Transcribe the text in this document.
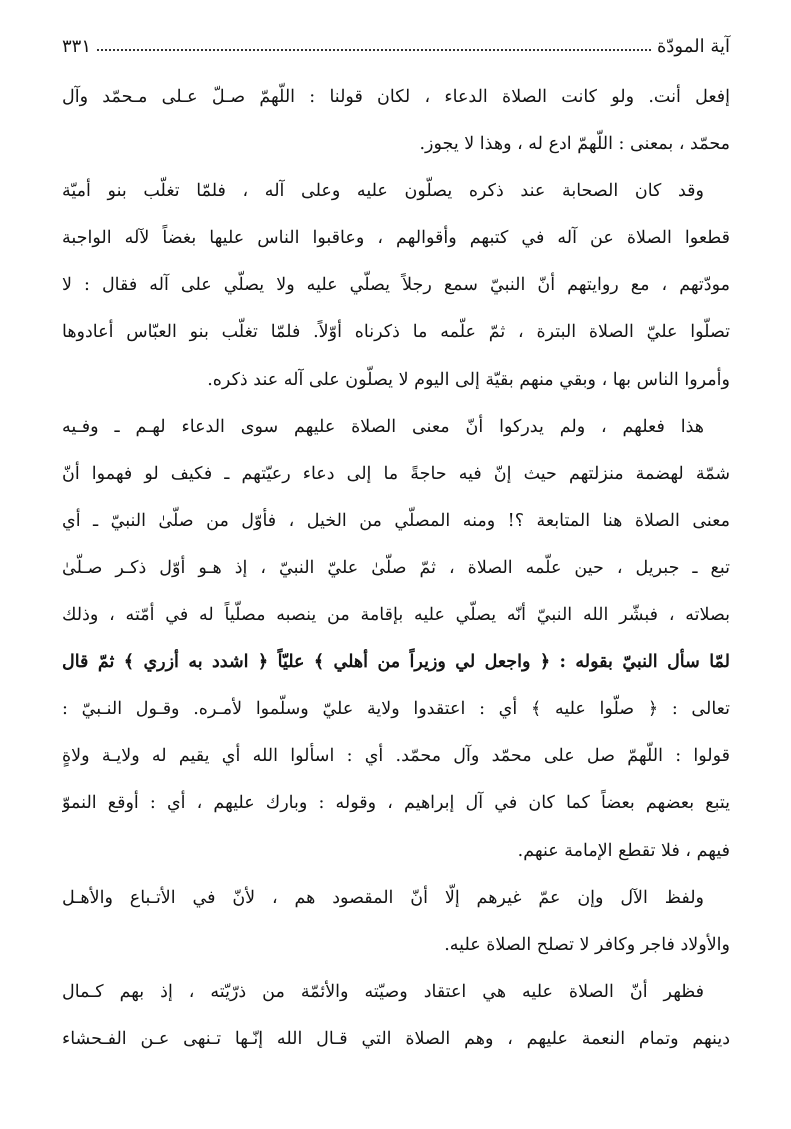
آية المودّة
٣٣١
إفعل أنت. ولو كانت الصلاة الدعاء ، لكان قولنا : اللّهمّ صـلّ عـلى مـحمّد وآل
محمّد ، بمعنى : اللّهمّ ادع له ، وهذا لا يجوز.
وقد كان الصحابة عند ذكره يصلّون عليه وعلى آله ، فلمّا تغلّب بنو أميّة
قطعوا الصلاة عن آله في كتبهم وأقوالهم ، وعاقبوا الناس عليها بغضاً لآله الواجبة
مودّتهم ، مع روايتهم أنّ النبيّ سمع رجلاً يصلّي عليه ولا يصلّي على آله فقال : لا
تصلّوا عليّ الصلاة البترة ، ثمّ علّمه ما ذكرناه أوّلاً. فلمّا تغلّب بنو العبّاس أعادوها
وأمروا الناس بها ، وبقي منهم بقيّة إلى اليوم لا يصلّون على آله عند ذكره.
هذا فعلهم ، ولم يدركوا أنّ معنى الصلاة عليهم سوى الدعاء لهـم ـ وفـيه
شمّة لهضمة منزلتهم حيث إنّ فيه حاجةً ما إلى دعاء رعيّتهم ـ فكيف لو فهموا أنّ
معنى الصلاة هنا المتابعة ؟! ومنه المصلّي من الخيل ، فأوّل من صلّىٰ النبيّ ـ أي
تبع ـ جبريل ، حين علّمه الصلاة ، ثمّ صلّىٰ عليّ النبيّ ، إذ هـو أوّل ذكـر صـلّىٰ
بصلاته ، فبشّر الله النبيّ أنّه يصلّي عليه بإقامة من ينصبه مصلّياً له في أمّته ، وذلك
لمّا سأل النبيّ بقوله : ﴿ واجعل لي وزيراً من أهلي ﴾ عليّاً ﴿ اشدد به أزري ﴾ ثمّ قال
تعالى : ﴿ صلّوا عليه ﴾ أي : اعتقدوا ولاية عليّ وسلّموا لأمـره. وقـول النـبيّ :
قولوا : اللّهمّ صل على محمّد وآل محمّد. أي : اسألوا الله أي يقيم له ولايـة ولاةٍ
يتبع بعضهم بعضاً كما كان في آل إبراهيم ، وقوله : وبارك عليهم ، أي : أوقع النموّ
فيهم ، فلا تقطع الإمامة عنهم.
ولفظ الآل وإن عمّ غيرهم إلّا أنّ المقصود هم ، لأنّ في الأتـباع والأهـل
والأولاد فاجر وكافر لا تصلح الصلاة عليه.
فظهر أنّ الصلاة عليه هي اعتقاد وصيّته والأئمّة من ذرّيّته ، إذ بهم كـمال
دينهم وتمام النعمة عليهم ، وهم الصلاة التي قـال الله إنّـها تـنهى عـن الفـحشاء
